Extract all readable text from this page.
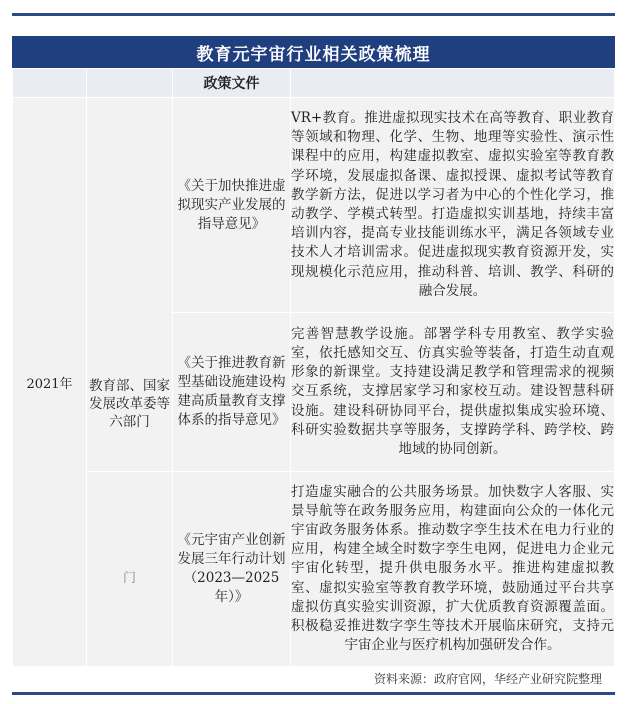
教育元宇宙行业相关政策梳理
		政策文件	
2021年	教育部、国家发展改革委等六部门	《关于加快推进虚拟现实产业发展的指导意见》	VR+教育。推进虚拟现实技术在高等教育、职业教育等领域和物理、化学、生物、地理等实验性、演示性课程中的应用，构建虚拟教室、虚拟实验室等教育教学环境，发展虚拟备课、虚拟授课、虚拟考试等教育教学新方法，促进以学习者为中心的个性化学习，推动教学、学模式转型。打造虚拟实训基地，持续丰富培训内容，提高专业技能训练水平，满足各领域专业技术人才培训需求。促进虚拟现实教育资源开发，实现规模化示范应用，推动科普、培训、教学、科研的融合发展。
		《关于推进教育新型基础设施建设构建高质量教育支撑体系的指导意见》	完善智慧教学设施。部署学科专用教室、教学实验室，依托感知交互、仿真实验等装备，打造生动直观形象的新课堂。支持建设满足教学和管理需求的视频交互系统，支撑居家学习和家校互动。建设智慧科研设施。建设科研协同平台，提供虚拟集成实验环境、科研实验数据共享等服务，支撑跨学科、跨学校、跨地域的协同创新。

	门	《元宇宙产业创新发展三年行动计划（2023—2025年）》	打造虚实融合的公共服务场景。加快数字人客服、实景导航等在政务服务应用，构建面向公众的一体化元宇宙政务服务体系。推动数字孪生技术在电力行业的应用，构建全域全时数字孪生电网，促进电力企业元宇宙化转型，提升供电服务水平。推进构建虚拟教室、虚拟实验室等教育教学环境，鼓励通过平台共享虚拟仿真实验实训资源，扩大优质教育资源覆盖面。积极稳妥推进数字孪生等技术开展临床研究，支持元宇宙企业与医疗机构加强研发合作。
资料来源：政府官网，华经产业研究院整理
